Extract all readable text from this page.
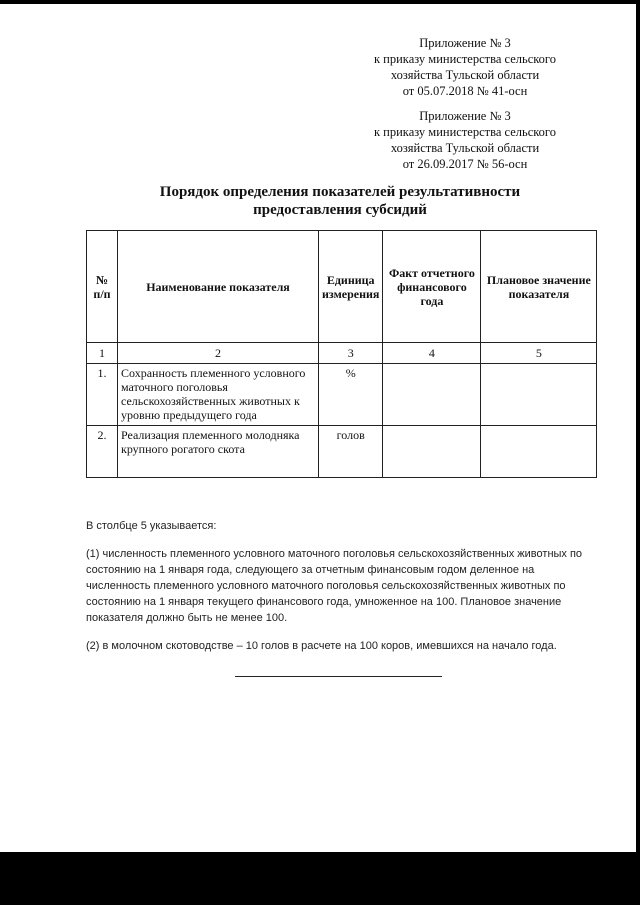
Приложение № 3
к приказу министерства сельского
хозяйства Тульской области
от 05.07.2018 № 41-осн
Приложение № 3
к приказу министерства сельского
хозяйства Тульской области
от 26.09.2017 № 56-осн
Порядок определения показателей результативности
предоставления субсидий
№ п/п	Наименование показателя	Единица измерения	Факт отчетного финансового года	Плановое значение показателя
1	2	3	4	5
1.	Сохранность племенного условного маточного поголовья сельскохозяйственных животных к уровню предыдущего года	%		
2.	Реализация племенного молодняка крупного рогатого скота	голов		

В столбце 5 указывается:

(1) численность племенного условного маточного поголовья сельскохозяйственных животных по состоянию на 1 января года, следующего за отчетным финансовым годом деленное на численность племенного условного маточного поголовья сельскохозяйственных животных по состоянию на 1 января текущего финансового года, умноженное на 100. Плановое значение показателя должно быть не менее 100.

(2) в молочном скотоводстве – 10 голов в расчете на 100 коров, имевшихся на начало года.
